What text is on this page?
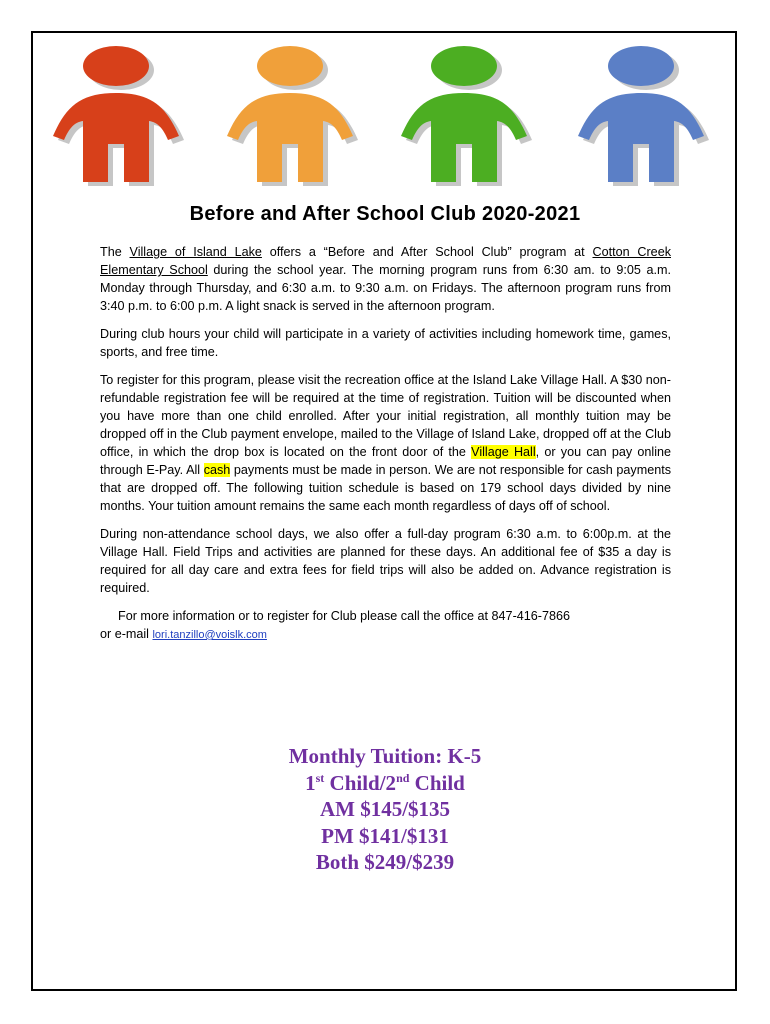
Before and After School Club 2020-2021

The Village of Island Lake offers a “Before and After School Club” program at Cotton Creek Elementary School during the school year. The morning program runs from 6:30 am. to 9:05 a.m. Monday through Thursday, and 6:30 a.m. to 9:30 a.m. on Fridays. The afternoon program runs from 3:40 p.m. to 6:00 p.m. A light snack is served in the afternoon program.

During club hours your child will participate in a variety of activities including homework time, games, sports, and free time.

To register for this program, please visit the recreation office at the Island Lake Village Hall. A $30 non-refundable registration fee will be required at the time of registration. Tuition will be discounted when you have more than one child enrolled. After your initial registration, all monthly tuition may be dropped off in the Club payment envelope, mailed to the Village of Island Lake, dropped off at the Club office, in which the drop box is located on the front door of the Village Hall, or you can pay online through E-Pay. All cash payments must be made in person. We are not responsible for cash payments that are dropped off. The following tuition schedule is based on 179 school days divided by nine months. Your tuition amount remains the same each month regardless of days off of school.

During non-attendance school days, we also offer a full-day program 6:30 a.m. to 6:00p.m. at the Village Hall. Field Trips and activities are planned for these days. An additional fee of $35 a day is required for all day care and extra fees for field trips will also be added on. Advance registration is required.

For more information or to register for Club please call the office at 847-416-7866
or e-mail lori.tanzillo@voislk.com

Monthly Tuition: K-5
1st Child/2nd Child
AM $145/$135
PM $141/$131
Both $249/$239
